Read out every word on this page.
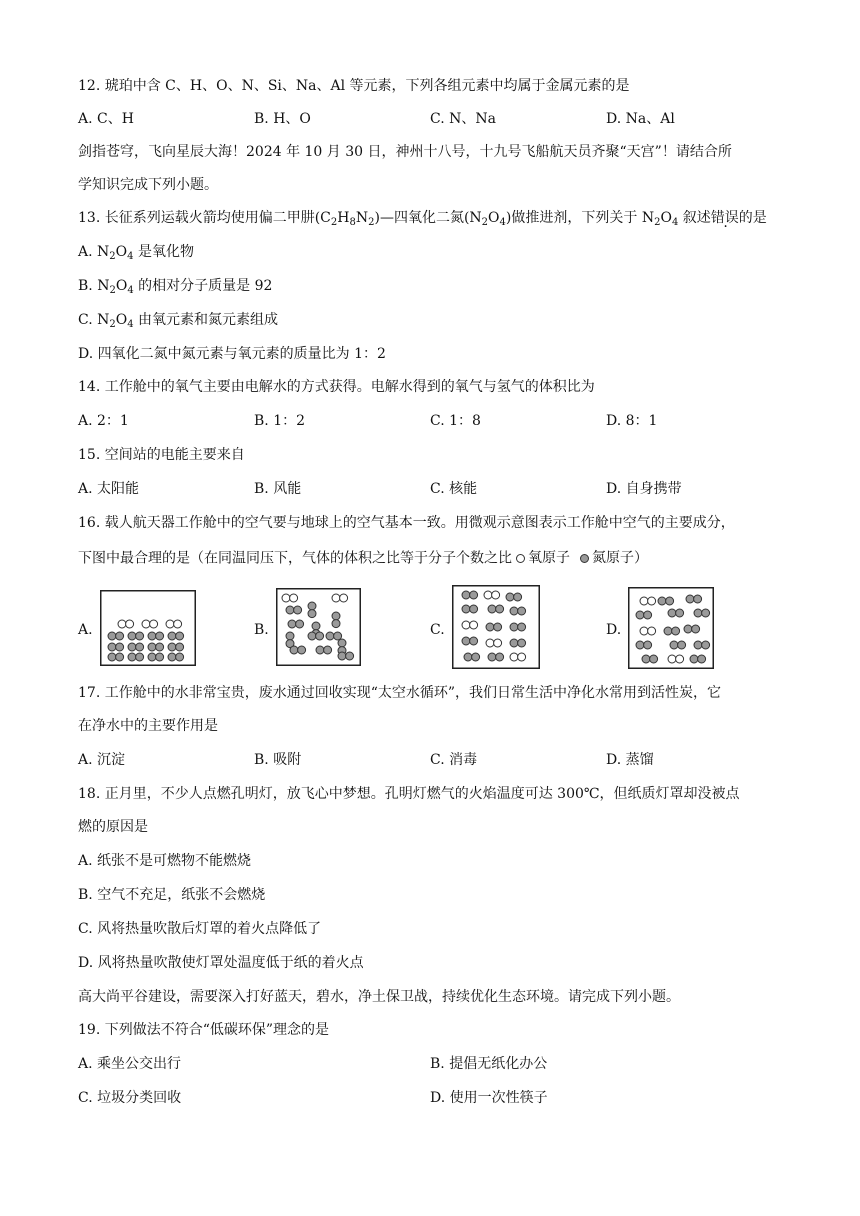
12. 琥珀中含 C、H、O、N、Si、Na、Al 等元素，下列各组元素中均属于金属元素的是
A. C、H	B. H、O	C. N、Na	D. Na、Al
剑指苍穹，飞向星辰大海！2024 年 10 月 30 日，神州十八号，十九号飞船航天员齐聚“天宫”！请结合所
学知识完成下列小题。
13. 长征系列运载火箭均使用偏二甲肼$(C_2H_8N_2)—$四氧化二氮$(N_2O_4)$做推进剂，下列关于 $N_2O_4$ 叙述错误的是
A. $N_2O_4$ 是氧化物
B. $N_2O_4$ 的相对分子质量是 92
C. $N_2O_4$ 由氧元素和氮元素组成
D. 四氧化二氮中氮元素与氧元素的质量比为 1：2
14. 工作舱中的氧气主要由电解水的方式获得。电解水得到的氧气与氢气的体积比为
A. 2：1	B. 1：2	C. 1：8	D. 8：1
15. 空间站的电能主要来自
A. 太阳能	B. 风能	C. 核能	D. 自身携带
16. 载人航天器工作舱中的空气要与地球上的空气基本一致。用微观示意图表示工作舱中空气的主要成分，
下图中最合理的是（在同温同压下，气体的体积之比等于分子个数之比 氧原子 氮原子 ）
A.	B.	C.	D.
17. 工作舱中的水非常宝贵，废水通过回收实现“太空水循环”，我们日常生活中净化水常用到活性炭，它
在净水中的主要作用是
A. 沉淀	B. 吸附	C. 消毒	D. 蒸馏
18. 正月里，不少人点燃孔明灯，放飞心中梦想。孔明灯燃气的火焰温度可达 300℃，但纸质灯罩却没被点
燃的原因是
A. 纸张不是可燃物不能燃烧
B. 空气不充足，纸张不会燃烧
C. 风将热量吹散后灯罩的着火点降低了
D. 风将热量吹散使灯罩处温度低于纸的着火点
高大尚平谷建设，需要深入打好蓝天，碧水，净土保卫战，持续优化生态环境。请完成下列小题。
19. 下列做法不符合“低碳环保”理念的是
A. 乘坐公交出行	B. 提倡无纸化办公
C. 垃圾分类回收	D. 使用一次性筷子
